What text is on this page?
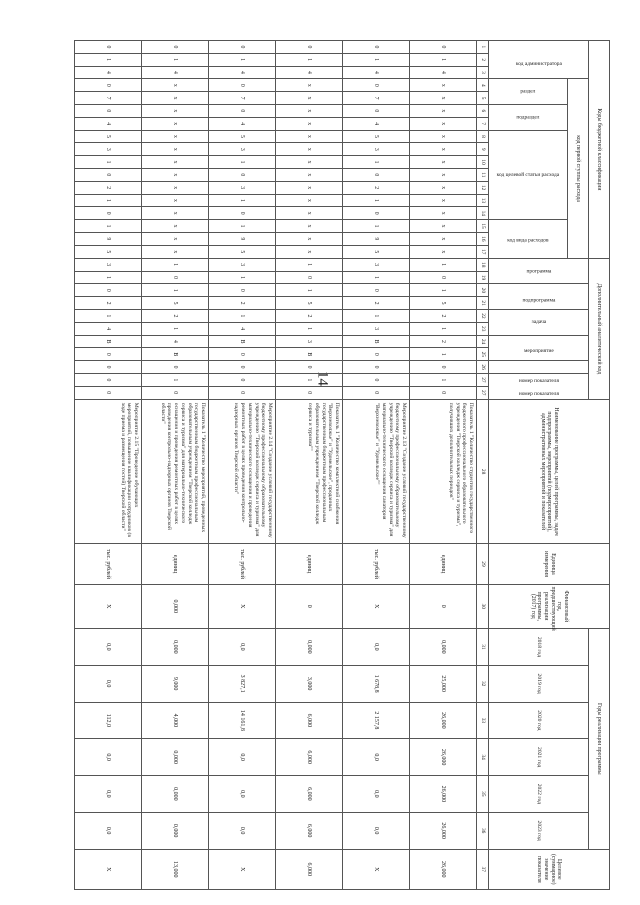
14
Коды бюджетной классификации																	Дополнительный аналитический код											Наименование программы, целей программы, задач подпрограммы, мероприятий (подмероприятий), административных мероприятий и показателей	Единица измерения	Финансовый год, предшествующий реализации программы, (2017) год	Годы реализации программы						Целевое (суммарное) значение показателя
код администратора			код первой сгуппы расхода														программа		подпрограмма		задача		мероприятие		номер показателя	номер показателя					2018 год	2019 год	2020 год	2021 год	2022 год	2023 год	
			раздел		подраздел		код целевой статьи расхода							код вида расходов																							
1	2	3	4	5	6	7	8	9	10	11	12	13	14	15	16	17	18	19	20	21	22	23	24	25	26	27	27	28	29	30	31	32	33	34	35	36	37
0	1	4	х	х	х	х	х	х	х	х	х	х	х	х	х	х	1	0	1	5	2	1	2	1	0	1	0	Показатель 1 "Количество студентов государственного бюджетного профессионального образовательного учреждения "Тверской колледж сервиса и туризма", получивших дополнительных периодов"	единиц	0	0,000	25,000	26,000	26,000	26,000	26,000	26,000
0	1	4	0	7	0	4	5	3	1	0	2	1	0	1	9	5	3	1	0	2	1	3	В	0	0	0	0	Мероприятие 2.13 "Создание условий государственному бюджетному профессиональному образовательному учреждению "Тверской колледж сервиса и туризма" для материально-технического оснащения санатория "Верхневолжье" и "Удомельское""	тыс. рублей	Х	0,0	1 678,8	2 157,8	0,0	0,0	0,0	Х
0	1	4	х	х	х	х	х	х	х	х	х	х	х	х	х	х	1	0	1	5	2	1	3	В	0	1	0	Показатель 1 "Количество комплектной снабжения "Верхневолжье" и "Удомельское", проданных государственным бюджетным профессиональным образовательным учреждением "Тверской колледж сервиса и туризма""	единиц	0	0,000	3,000	6,000	6,000	6,000	6,000	6,000
0	1	4	0	7	0	4	5	3	1	0	3	1	0	1	9	5	3	1	0	2	1	4	В	0	0	0	0	Мероприятие 2.14 "Создание условий государственному бюджетному профессиональному образовательному учреждению "Тверской колледж сервиса и туризма" для материально-технического оснащения и проведения ремонтных работ в целях проведения контрольно-надзорных органов Тверской области"	тыс. рублей	Х	0,0	3 827,1	14 161,8	0,0	0,0	0,0	Х
0	1	4	х	х	х	х	х	х	х	х	х	х	х	х	х	х	1	0	1	5	2	1	4	В	0	1	0	Показатель 1 "Количество мероприятий, проведенных государственным бюджетным профессиональным образовательным учреждением "Тверской колледж сервиса и туризма" для материально-технического оснащения и проведения ремонтных работ в целях проведения контрольно-надзорных органов Тверской области"	единиц	0,000	0,000	9,000	4,000	0,000	0,000	0,000	13,000
0	1	4	0	7	0	4	5	3	1	0	2	1	0	1	9	5	3	1	0	2	1	4	В	0	0	0	0	Мероприятие 2.15 "Проведение обучающих мероприятий, повышение квалификации сотрудников (в ходе приема и размещения гостей) Тверской области"	тыс. рублей	Х	0,0	0,0	112,0	0,0	0,0	0,0	Х
